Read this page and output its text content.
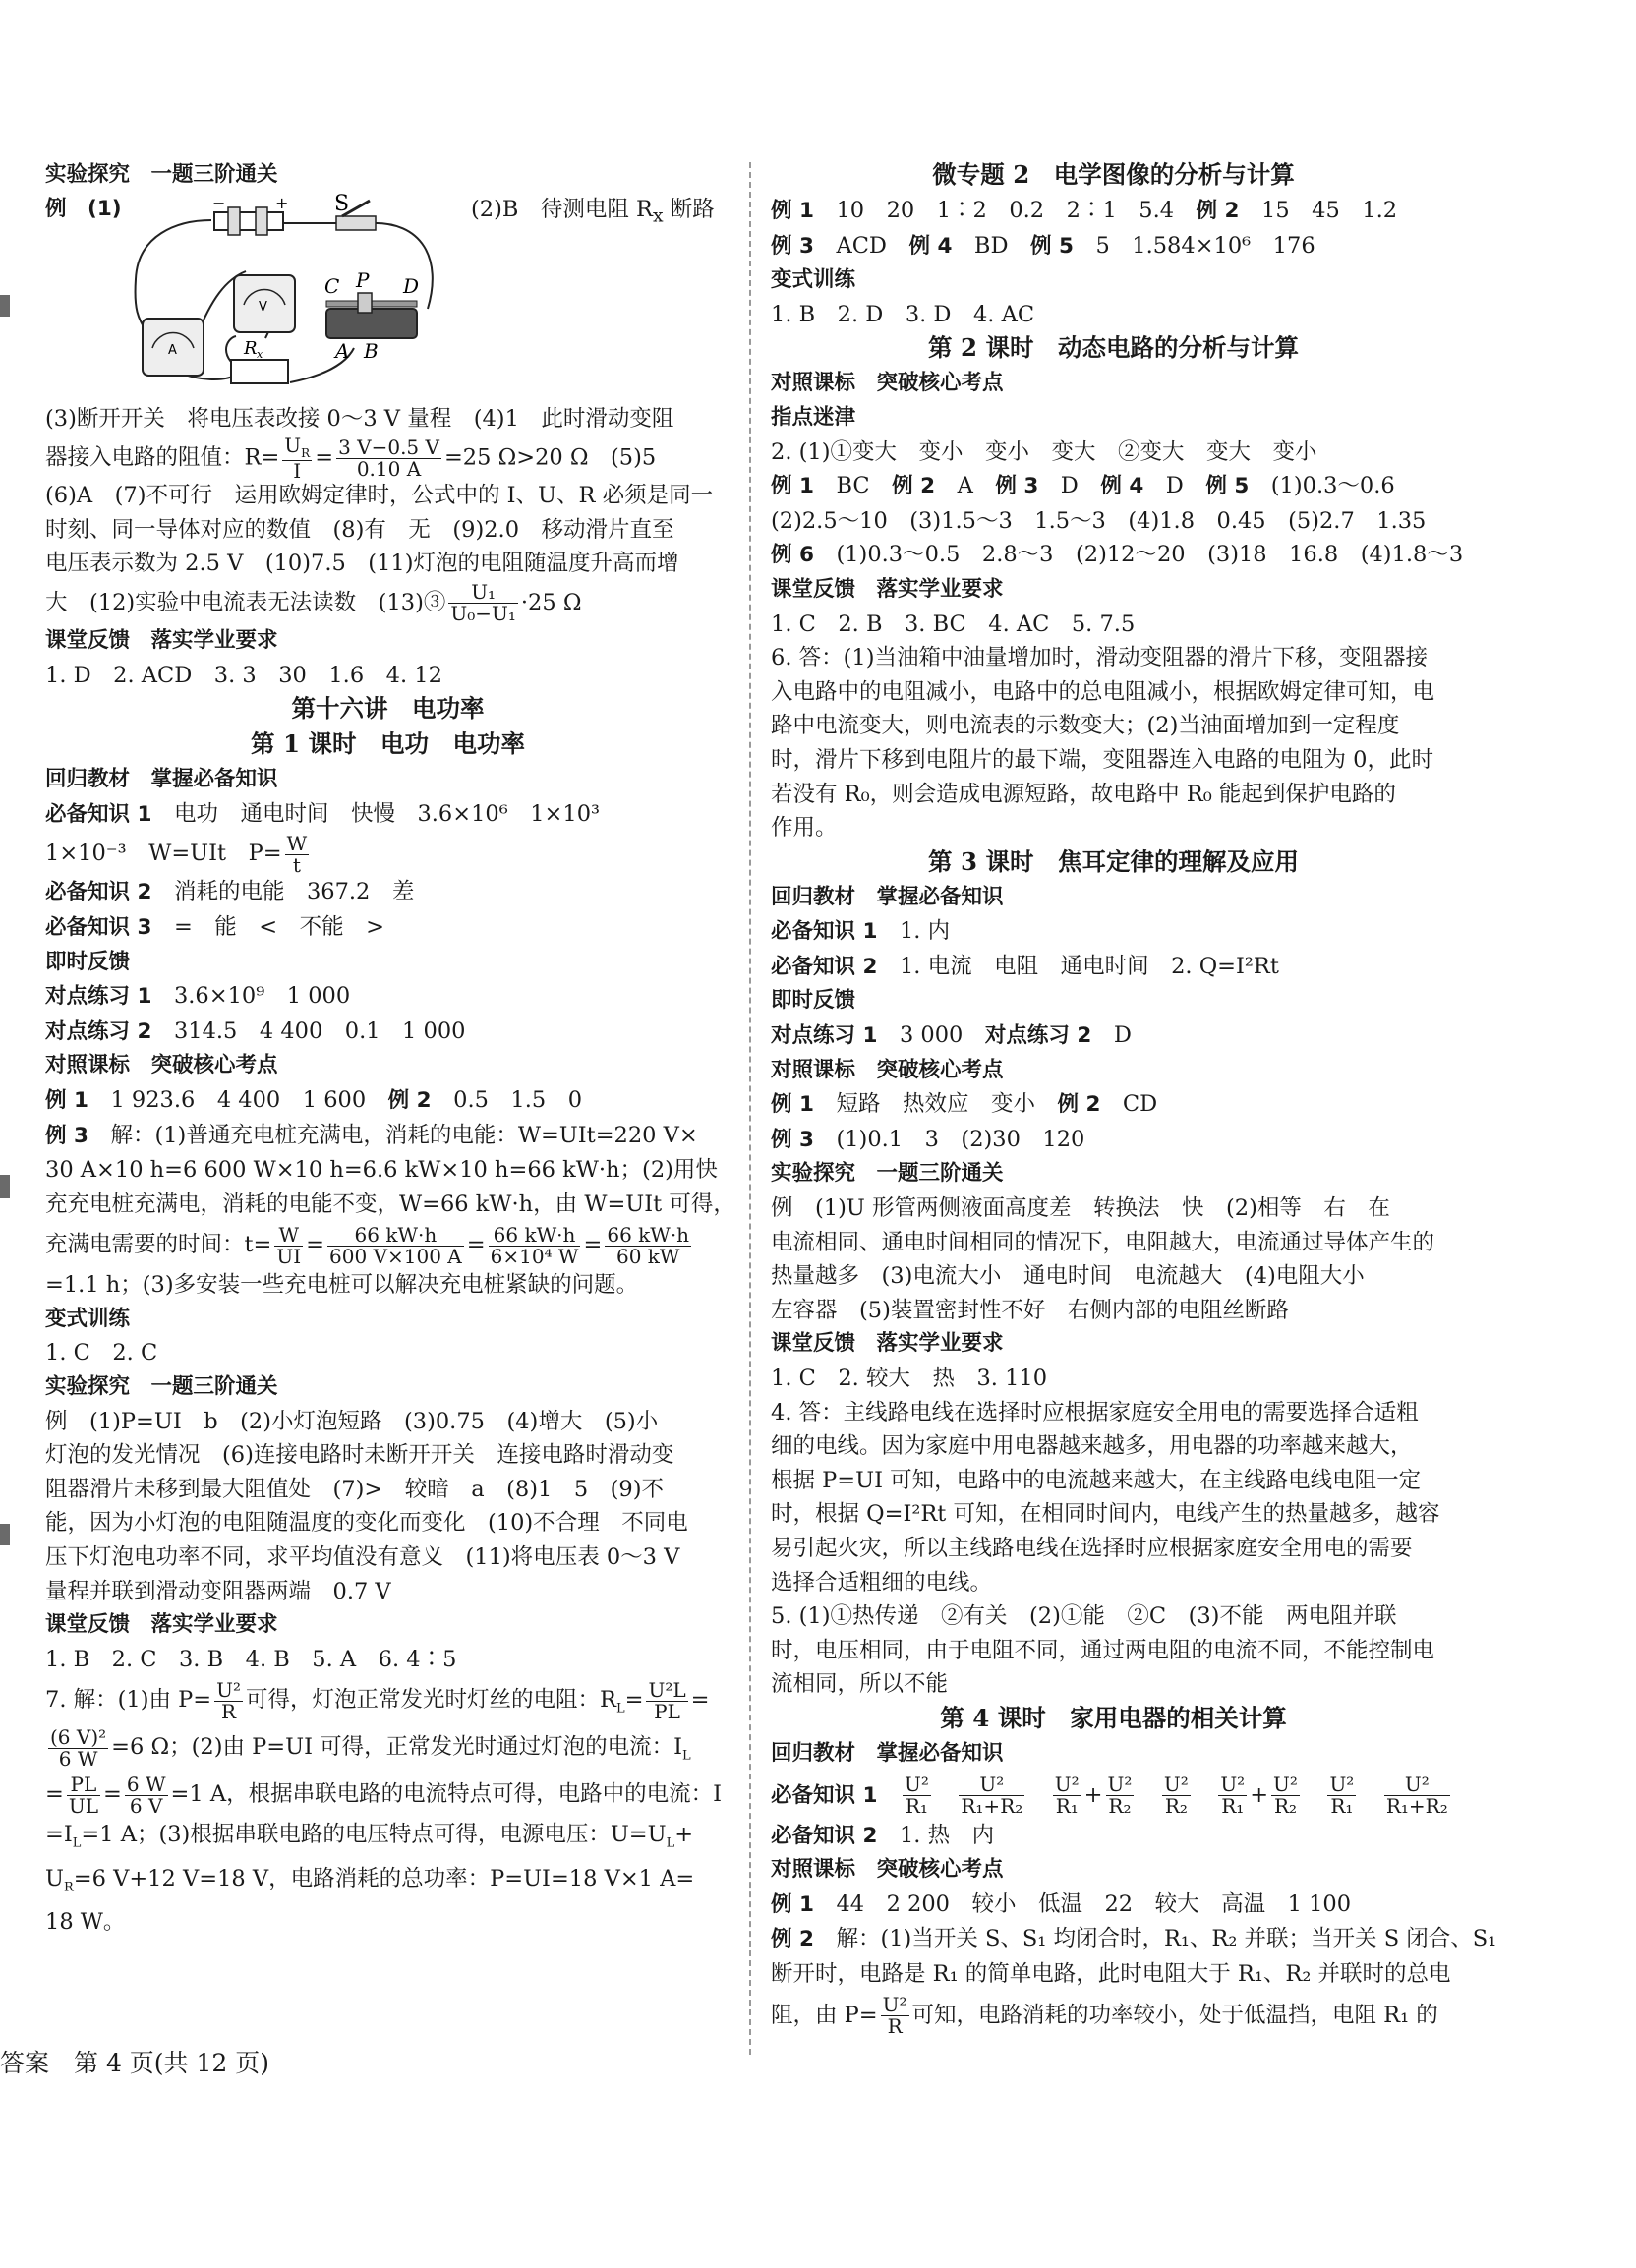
实验探究　一题三阶通关
例　(1)	(2)B　待测电阻 $R_x$ 断路
+
−	S
A
V
C P D
A B
R x
(3)断开开关　将电压表改接 0～3 V 量程　(4)1　此时滑动变阻
器接入电路的阻值：$R= \frac{U_R}{I} = \frac{3 V-0.5 V}{0.10 A} =25$ Ω>20 Ω　(5)5
(6)A　(7)不可行　运用欧姆定律时，公式中的 I、U、R 必须是同一
时刻、同一导体对应的数值　(8)有　无　(9)2.0　移动滑片直至
电压表示数为 2.5 V　(10)7.5　(11)灯泡的电阻随温度升高而增
大　(12)实验中电流表无法读数　(13)③ $\frac{\text{U₁}}{\text{U₀−U₁}} \cdot 25$ Ω
课堂反馈　落实学业要求
1. D　2. ACD　3. 3　30　1.6　4. 12
第十六讲　电功率
第 1 课时　电功　电功率
回归教材　掌握必备知识
必备知识 1　电功　通电时间　快慢　3.6×10⁶　1×10³
1×10⁻³　W=UIt　$P= \frac{W}{t}$
必备知识 2　消耗的电能　367.2　差
必备知识 3　=　能　<　不能　>
即时反馈
对点练习 1　3.6×10⁹　1 000
对点练习 2　314.5　4 400　0.1　1 000
对照课标　突破核心考点
例 1　1 923.6　4 400　1 600　例 2　0.5　1.5　0
例 3　解：(1)普通充电桩充满电，消耗的电能：W=UIt=220 V×
30 A×10 h=6 600 W×10 h=6.6 kW×10 h=66 kW·h；(2)用快
充充电桩充满电，消耗的电能不变，W=66 kW·h，由 W=UIt 可得，
充满电需要的时间：$t= \frac{W}{UI} = \frac{66 kW\cdot h}{600 V\times 100 A} = \frac{66 kW\cdot h}{\text{6×10⁴ W}} = \frac{66 kW\cdot h}{60 kW}$
=1.1 h；(3)多安装一些充电桩可以解决充电桩紧缺的问题。
变式训练
1. C　2. C
实验探究　一题三阶通关
例　(1)P=UI　b　(2)小灯泡短路　(3)0.75　(4)增大　(5)小
灯泡的发光情况　(6)连接电路时未断开开关　连接电路时滑动变
阻器滑片未移到最大阻值处　(7)>　较暗　a　(8)1　5　(9)不
能，因为小灯泡的电阻随温度的变化而变化　(10)不合理　不同电
压下灯泡电功率不同，求平均值没有意义　(11)将电压表 0～3 V
量程并联到滑动变阻器两端　0.7 V
课堂反馈　落实学业要求
1. B　2. C　3. B　4. B　5. A　6. 4∶5
7. 解：(1)由 $P= \frac{\text{U²}}{R}$ 可得，灯泡正常发光时灯丝的电阻：$R_L= \frac{\text{U²L}}{PL}$ =
$\frac{\text{(6 V)²}}{6 W} =6$ Ω；(2)由 P=UI 可得，正常发光时通过灯泡的电流：$I_L$
= $\frac{PL}{UL} = \frac{6 W}{6 V} =1$ A，根据串联电路的电流特点可得，电路中的电流：I
$=I_L=1$ A；(3)根据串联电路的电压特点可得，电源电压：$U=U_L+$
$U_R=6$ V+12 V=18 V，电路消耗的总功率：P=UI=18 V×1 A=
18 W。
微专题 2　电学图像的分析与计算
例 1　10　20　1∶2　0.2　2∶1　5.4　例 2　15　45　1.2
例 3　ACD　例 4　BD　例 5　5　1.584×10⁶　176
变式训练
1. B　2. D　3. D　4. AC
第 2 课时　动态电路的分析与计算
对照课标　突破核心考点
指点迷津
2. (1)①变大　变小　变小　变大　②变大　变大　变小
例 1　BC　例 2　A　例 3　D　例 4　D　例 5　(1)0.3～0.6
(2)2.5～10　(3)1.5～3　1.5～3　(4)1.8　0.45　(5)2.7　1.35
例 6　(1)0.3～0.5　2.8～3　(2)12～20　(3)18　16.8　(4)1.8～3
课堂反馈　落实学业要求
1. C　2. B　3. BC　4. AC　5. 7.5
6. 答：(1)当油箱中油量增加时，滑动变阻器的滑片下移，变阻器接
入电路中的电阻减小，电路中的总电阻减小，根据欧姆定律可知，电
路中电流变大，则电流表的示数变大；(2)当油面增加到一定程度
时，滑片下移到电阻片的最下端，变阻器连入电路的电阻为 0，此时
若没有 R₀，则会造成电源短路，故电路中 R₀ 能起到保护电路的
作用。
第 3 课时　焦耳定律的理解及应用
回归教材　掌握必备知识
必备知识 1　1. 内
必备知识 2　1. 电流　电阻　通电时间　2. Q=I²Rt
即时反馈
对点练习 1　3 000　对点练习 2　D
对照课标　突破核心考点
例 1　短路　热效应　变小　例 2　CD
例 3　(1)0.1　3　(2)30　120
实验探究　一题三阶通关
例　(1)U 形管两侧液面高度差　转换法　快　(2)相等　右　在
电流相同、通电时间相同的情况下，电阻越大，电流通过导体产生的
热量越多　(3)电流大小　通电时间　电流越大　(4)电阻大小
左容器　(5)装置密封性不好　右侧内部的电阻丝断路
课堂反馈　落实学业要求
1. C　2. 较大　热　3. 110
4. 答：主线路电线在选择时应根据家庭安全用电的需要选择合适粗
细的电线。因为家庭中用电器越来越多，用电器的功率越来越大，
根据 P=UI 可知，电路中的电流越来越大，在主线路电线电阻一定
时，根据 Q=I²Rt 可知，在相同时间内，电线产生的热量越多，越容
易引起火灾，所以主线路电线在选择时应根据家庭安全用电的需要
选择合适粗细的电线。
5. (1)①热传递　②有关　(2)①能　②C　(3)不能　两电阻并联
时，电压相同，由于电阻不同，通过两电阻的电流不同，不能控制电
流相同，所以不能
第 4 课时　家用电器的相关计算
回归教材　掌握必备知识
必备知识 1　 $\frac{\text{U²}}{\text{R₁}}$
　 $\frac{\text{U²}}{\text{R₁+R₂}}$
　 $\frac{\text{U²}}{\text{R₁}} + \frac{\text{U²}}{\text{R₂}}$
　 $\frac{\text{U²}}{\text{R₂}}$
　 $\frac{\text{U²}}{\text{R₁}} + \frac{\text{U²}}{\text{R₂}}$
　 $\frac{\text{U²}}{\text{R₁}}$
　 $\frac{\text{U²}}{\text{R₁+R₂}}$
必备知识 2　1. 热　内
对照课标　突破核心考点
例 1　44　2 200　较小　低温　22　较大　高温　1 100
例 2　解：(1)当开关 S、S₁ 均闭合时，R₁、R₂ 并联；当开关 S 闭合、S₁
断开时，电路是 R₁ 的简单电路，此时电阻大于 R₁、R₂ 并联时的总电
阻，由 $P= \frac{\text{U²}}{R}$ 可知，电路消耗的功率较小，处于低温挡，电阻 R₁ 的
答案　第 4 页(共 12 页)
